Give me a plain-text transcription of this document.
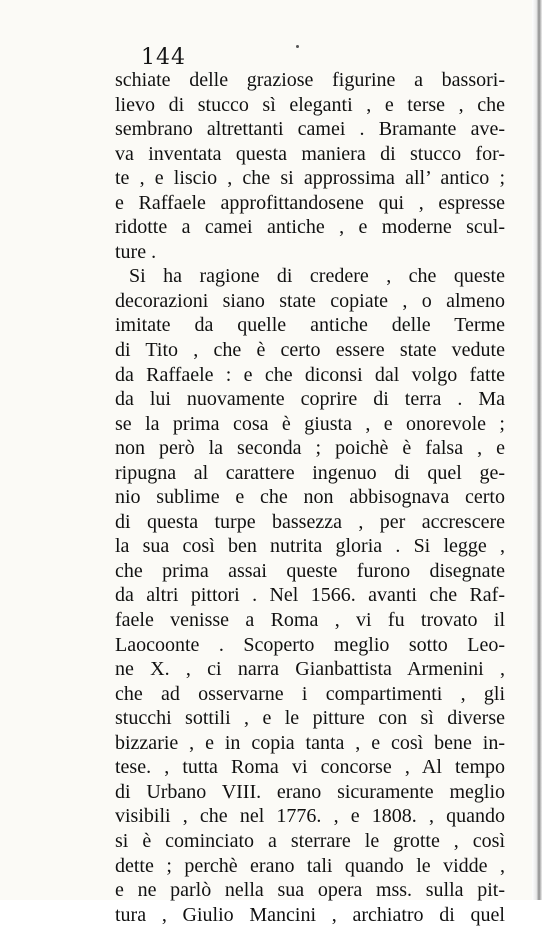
144
schiate delle graziose figurine a bassori-
lievo di stucco sì eleganti , e terse , che
sembrano altrettanti camei . Bramante ave-
va inventata questa maniera di stucco for-
te , e liscio , che si approssima all’ antico ;
e Raffaele approfittandosene qui , espresse
ridotte a camei antiche , e moderne scul-
ture .
Si ha ragione di credere , che queste
decorazioni siano state copiate , o almeno
imitate da quelle antiche delle Terme
di Tito , che è certo essere state vedute
da Raffaele : e che diconsi dal volgo fatte
da lui nuovamente coprire di terra . Ma
se la prima cosa è giusta , e onorevole ;
non però la seconda ; poichè è falsa , e
ripugna al carattere ingenuo di quel ge-
nio sublime e che non abbisognava certo
di questa turpe bassezza , per accrescere
la sua così ben nutrita gloria . Si legge ,
che prima assai queste furono disegnate
da altri pittori . Nel 1566. avanti che Raf-
faele venisse a Roma , vi fu trovato il
Laocoonte . Scoperto meglio sotto Leo-
ne X. , ci narra Gianbattista Armenini ,
che ad osservarne i compartimenti , gli
stucchi sottili , e le pitture con sì diverse
bizzarie , e in copia tanta , e così bene in-
tese. , tutta Roma vi concorse , Al tempo
di Urbano VIII. erano sicuramente meglio
visibili , che nel 1776. , e 1808. , quando
si è cominciato a sterrare le grotte , così
dette ; perchè erano tali quando le vidde ,
e ne parlò nella sua opera mss. sulla pit-
tura , Giulio Mancini , archiatro di quel
